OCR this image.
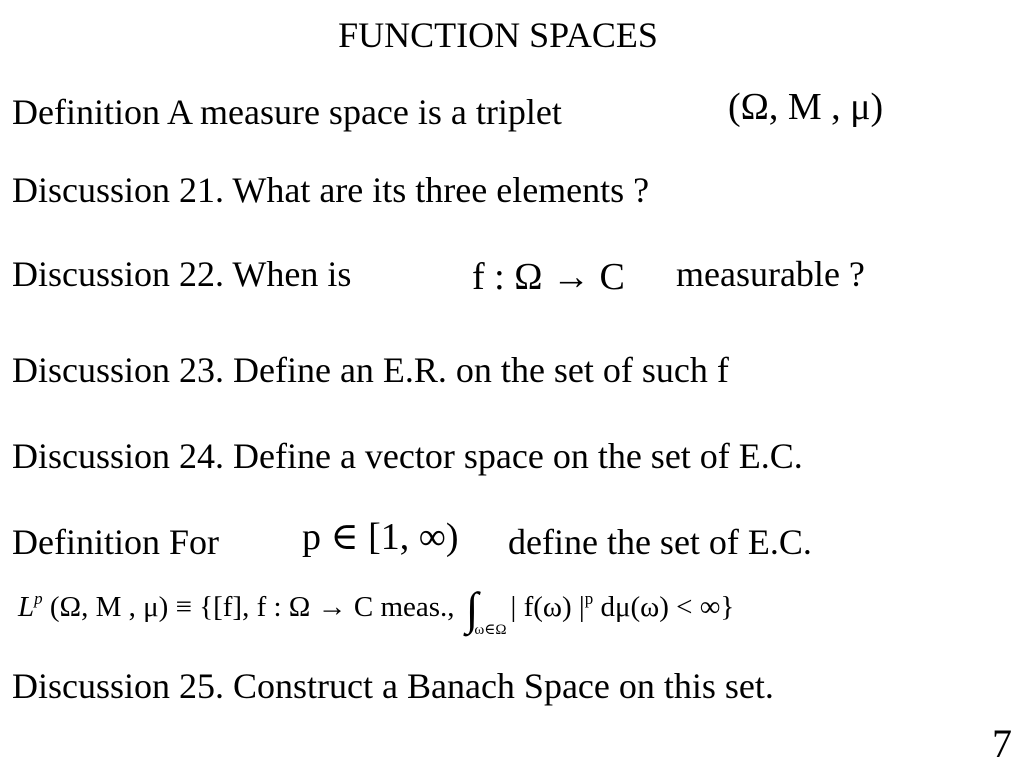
FUNCTION SPACES
Definition A measure space is a triplet	(Ω, M , μ)
Discussion 21. What are its three elements ?
Discussion 22. When is	f : Ω → C measurable ?
Discussion 23. Define an E.R. on the set of such f
Discussion 24. Define a vector space on the set of E.C.
Definition For p ∈ [1, ∞) define the set of E.C.
$L^p$ (Ω, M , μ) ≡ {[f], f : Ω → C meas., ∫ω∈Ω| f(ω) $|^p$ dμ(ω) < ∞}
Discussion 25. Construct a Banach Space on this set.
7
